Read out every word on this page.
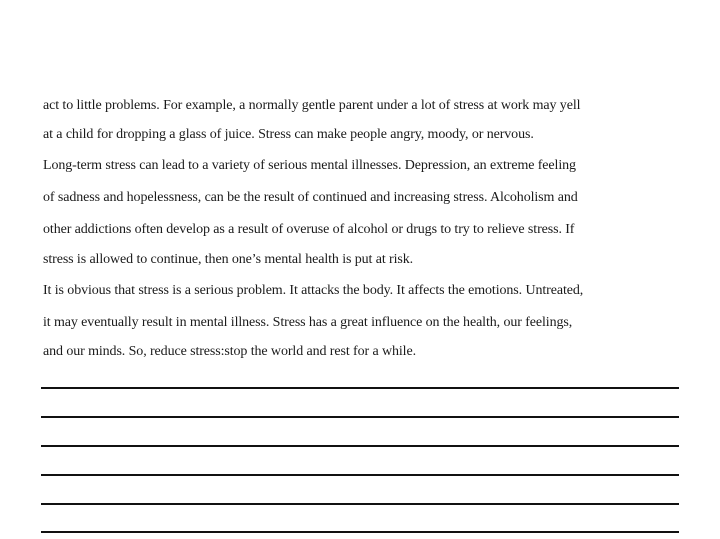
act to little problems. For example, a normally gentle parent under a lot of stress at work may yell
at a child for dropping a glass of juice. Stress can make people angry, moody, or nervous.
Long-term stress can lead to a variety of serious mental illnesses. Depression, an extreme feeling
of sadness and hopelessness, can be the result of continued and increasing stress. Alcoholism and
other addictions often develop as a result of overuse of alcohol or drugs to try to relieve stress. If
stress is allowed to continue, then one’s mental health is put at risk.
It is obvious that stress is a serious problem. It attacks the body. It affects the emotions. Untreated,
it may eventually result in mental illness. Stress has a great influence on the health, our feelings,
and our minds. So, reduce stress:stop the world and rest for a while.
